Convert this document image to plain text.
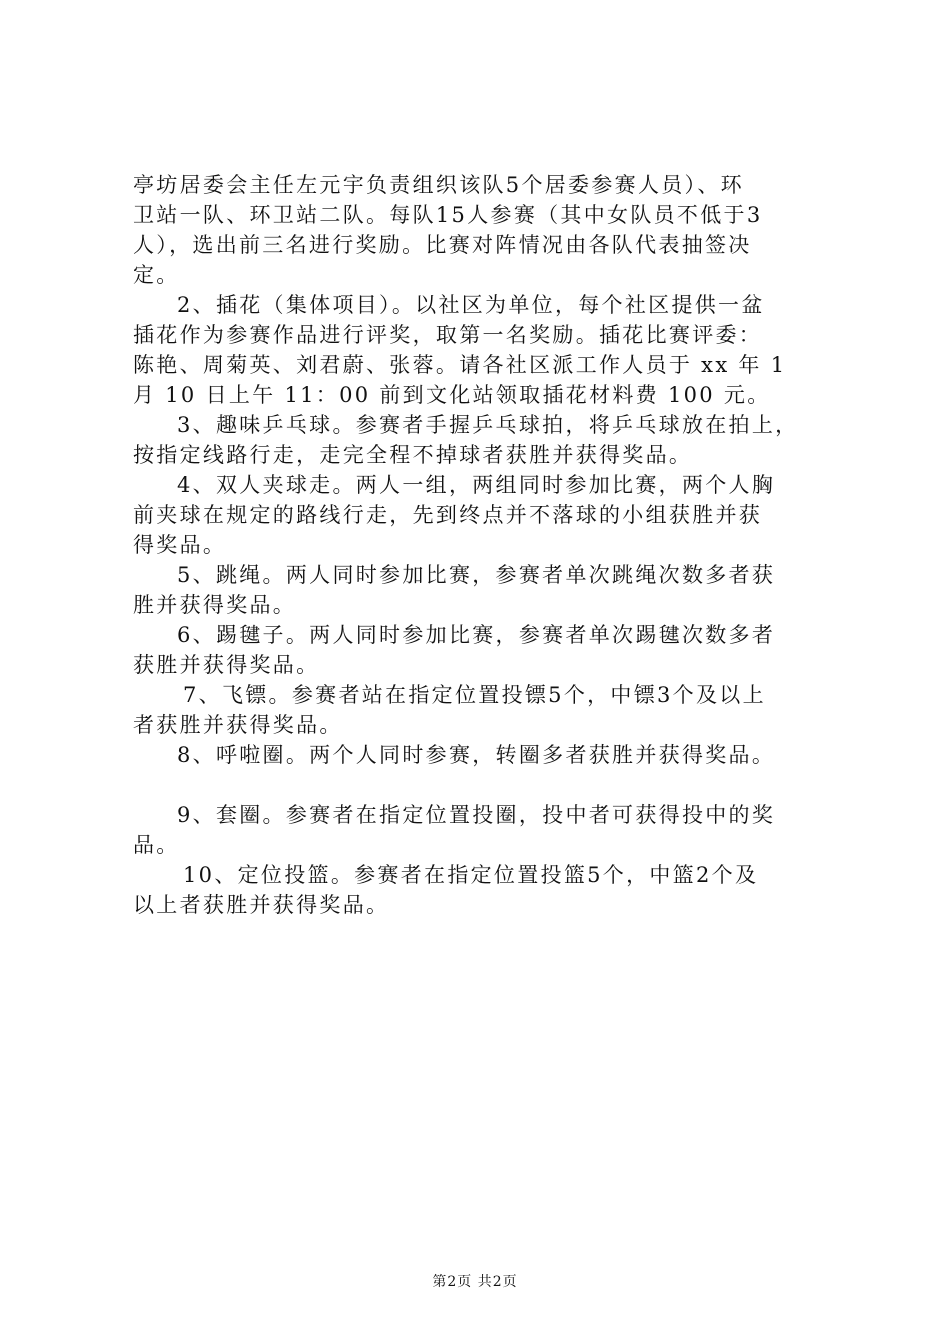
亭坊居委会主任左元宇负责组织该队5个居委参赛人员）、环
卫站一队、环卫站二队。每队15人参赛（其中女队员不低于3
人），选出前三名进行奖励。比赛对阵情况由各队代表抽签决
定。
2、插花（集体项目）。以社区为单位，每个社区提供一盆
插花作为参赛作品进行评奖，取第一名奖励。插花比赛评委：
陈艳、周菊英、刘君蔚、张蓉。请各社区派工作人员于 xx 年 1
月 10 日上午 11：00 前到文化站领取插花材料费 100 元。
3、趣味乒乓球。参赛者手握乒乓球拍，将乒乓球放在拍上，
按指定线路行走，走完全程不掉球者获胜并获得奖品。
4、双人夹球走。两人一组，两组同时参加比赛，两个人胸
前夹球在规定的路线行走，先到终点并不落球的小组获胜并获
得奖品。
5、跳绳。两人同时参加比赛，参赛者单次跳绳次数多者获
胜并获得奖品。
6、踢毽子。两人同时参加比赛，参赛者单次踢毽次数多者
获胜并获得奖品。
7、飞镖。参赛者站在指定位置投镖5个，中镖3个及以上
者获胜并获得奖品。
8、呼啦圈。两个人同时参赛，转圈多者获胜并获得奖品。
9、套圈。参赛者在指定位置投圈，投中者可获得投中的奖
品。
10、定位投篮。参赛者在指定位置投篮5个，中篮2个及
以上者获胜并获得奖品。
第2页 共2页
